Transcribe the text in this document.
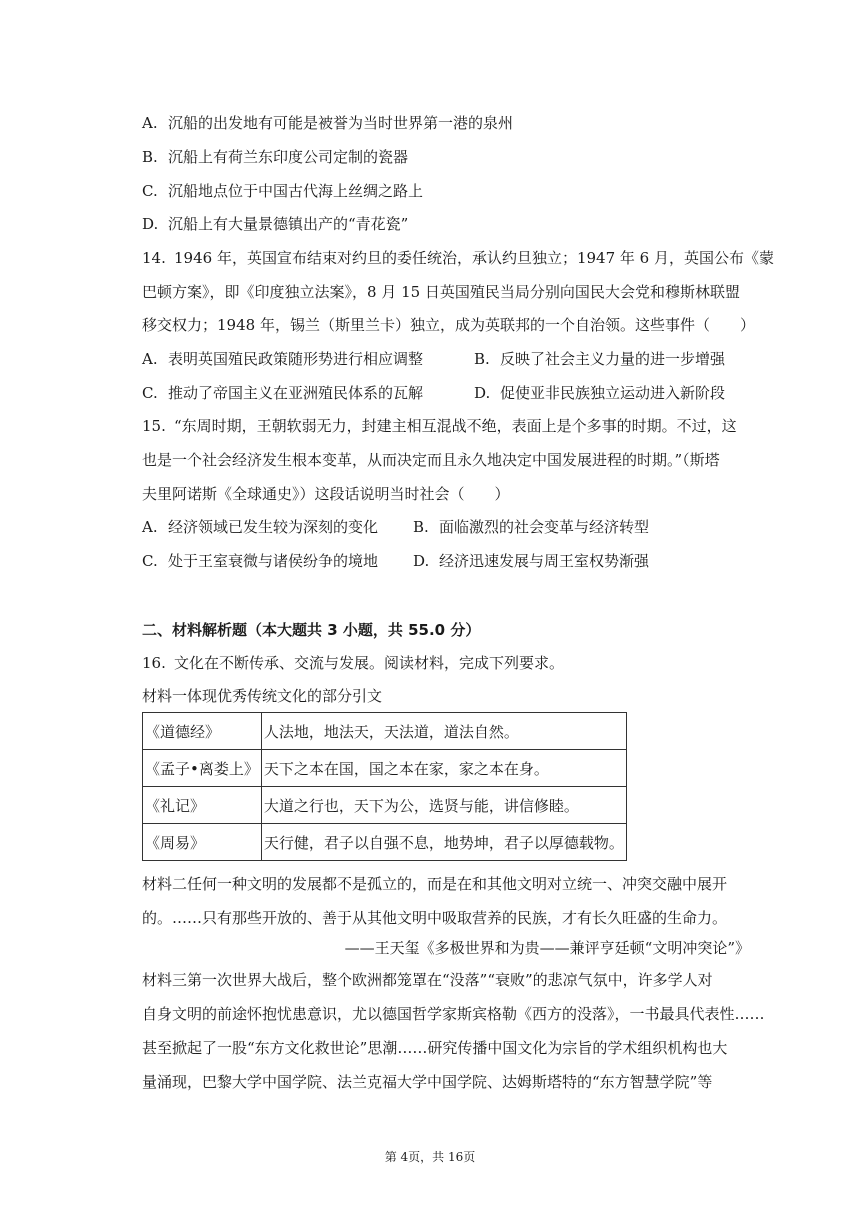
A. 沉船的出发地有可能是被誉为当时世界第一港的泉州
B. 沉船上有荷兰东印度公司定制的瓷器
C. 沉船地点位于中国古代海上丝绸之路上
D. 沉船上有大量景德镇出产的“青花瓷”
14. 1946 年，英国宣布结束对约旦的委任统治，承认约旦独立；1947 年 6 月，英国公布《蒙
巴顿方案》，即《印度独立法案》，8 月 15 日英国殖民当局分别向国民大会党和穆斯林联盟
移交权力；1948 年，锡兰（斯里兰卡）独立，成为英联邦的一个自治领。这些事件（　　）
A. 表明英国殖民政策随形势进行相应调整	B. 反映了社会主义力量的进一步增强
C. 推动了帝国主义在亚洲殖民体系的瓦解	D. 促使亚非民族独立运动进入新阶段
15. “东周时期，王朝软弱无力，封建主相互混战不绝，表面上是个多事的时期。不过，这
也是一个社会经济发生根本变革，从而决定而且永久地决定中国发展进程的时期。”（斯塔
夫里阿诺斯《全球通史》）这段话说明当时社会（　　）
A. 经济领域已发生较为深刻的变化 B. 面临激烈的社会变革与经济转型
C. 处于王室衰微与诸侯纷争的境地 D. 经济迅速发展与周王室权势渐强
二、材料解析题（本大题共 3 小题，共 55.0 分）
16. 文化在不断传承、交流与发展。阅读材料，完成下列要求。
材料一体现优秀传统文化的部分引文
《道德经》	人法地，地法天，天法道，道法自然。
《孟子•离娄上》	天下之本在国，国之本在家，家之本在身。
《礼记》	大道之行也，天下为公，选贤与能，讲信修睦。
《周易》	天行健，君子以自强不息，地势坤，君子以厚德载物。
材料二任何一种文明的发展都不是孤立的，而是在和其他文明对立统一、冲突交融中展开
的。……只有那些开放的、善于从其他文明中吸取营养的民族，才有长久旺盛的生命力。
——王天玺《多极世界和为贵——兼评亨廷顿“文明冲突论”》
材料三第一次世界大战后，整个欧洲都笼罩在“没落”“衰败”的悲凉气氛中，许多学人对
自身文明的前途怀抱忧患意识，尤以德国哲学家斯宾格勒《西方的没落》，一书最具代表性……
甚至掀起了一股“东方文化救世论”思潮……研究传播中国文化为宗旨的学术组织机构也大
量涌现，巴黎大学中国学院、法兰克福大学中国学院、达姆斯塔特的“东方智慧学院”等
第 4页，共 16页
